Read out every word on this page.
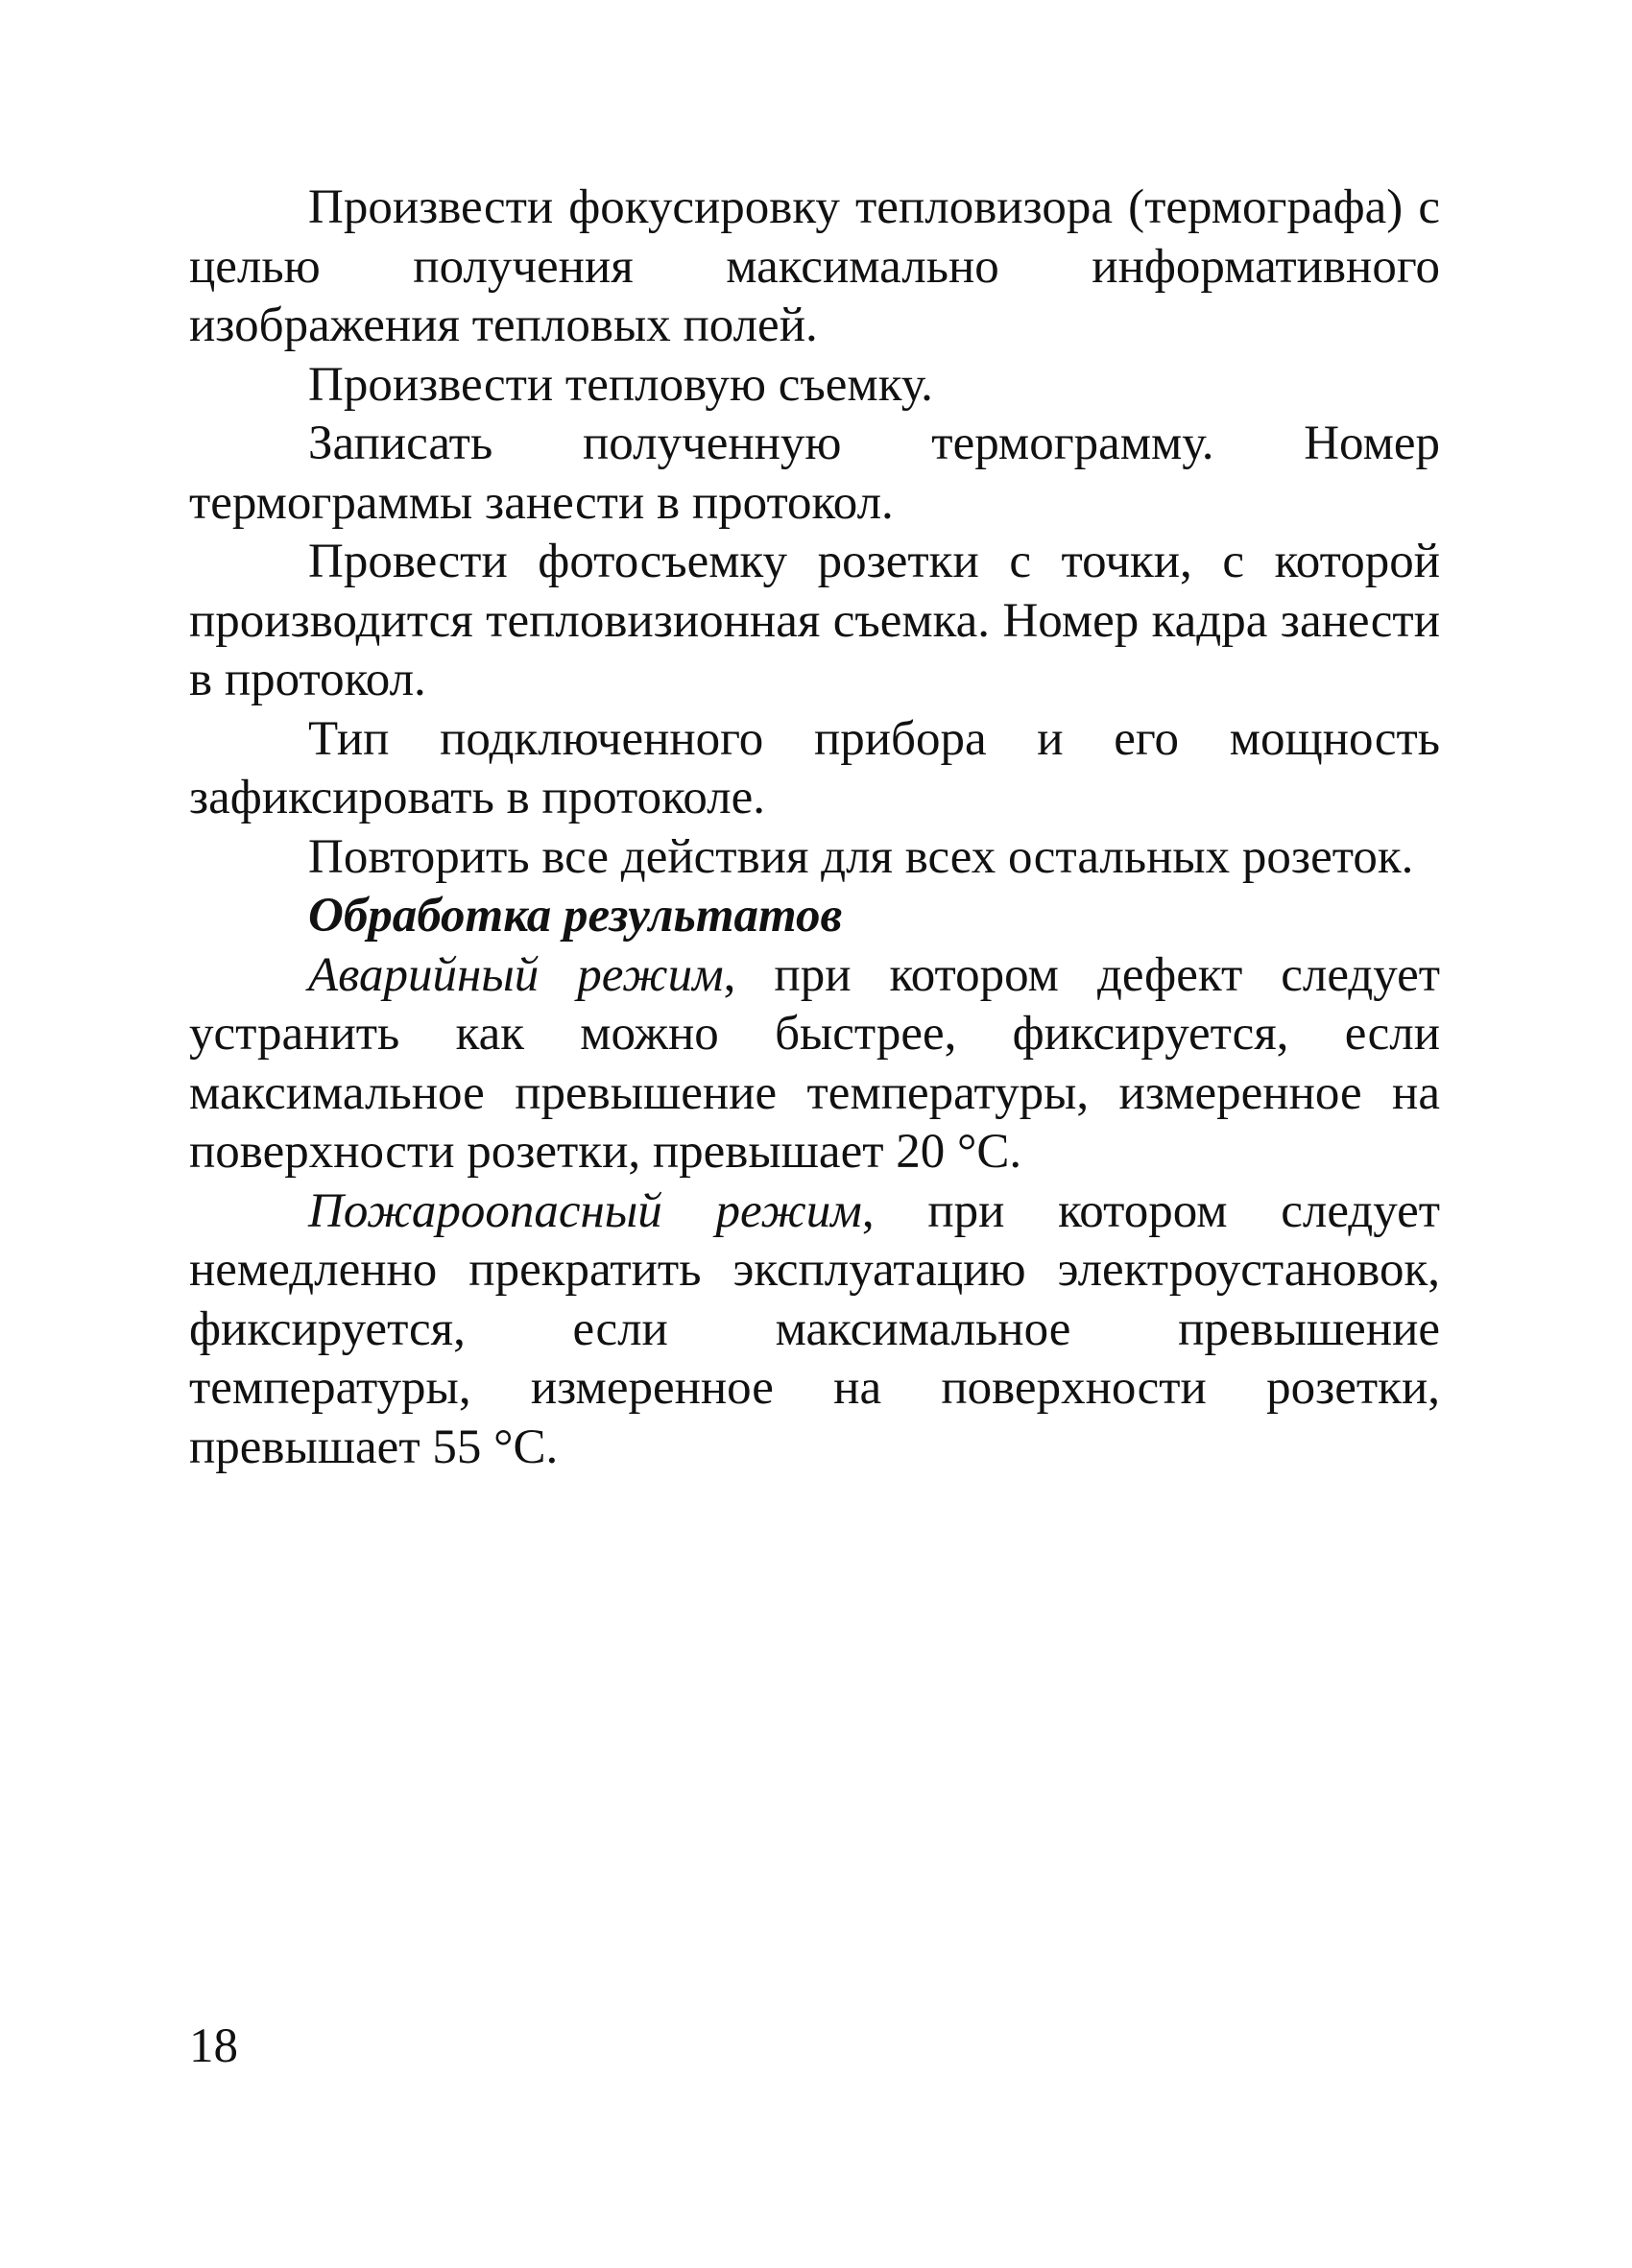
Произвести фокусировку тепловизора (термографа) с целью получения максимально информативного изображения тепловых полей.

Произвести тепловую съемку.

Записать полученную термограмму. Номер термограммы занести в протокол.

Провести фотосъемку розетки с точки, с которой производится тепловизионная съемка. Номер кадра занести в протокол.

Тип подключенного прибора и его мощность зафиксировать в протоколе.

Повторить все действия для всех остальных розеток.

Обработка результатов

Аварийный режим, при котором дефект следует устранить как можно быстрее, фиксируется, если максимальное превышение температуры, измеренное на поверхности розетки, превышает 20 °С.

Пожароопасный режим, при котором следует немедленно прекратить эксплуатацию электроустановок, фиксируется, если максимальное превышение температуры, измеренное на поверхности розетки, превышает 55 °С.

18
